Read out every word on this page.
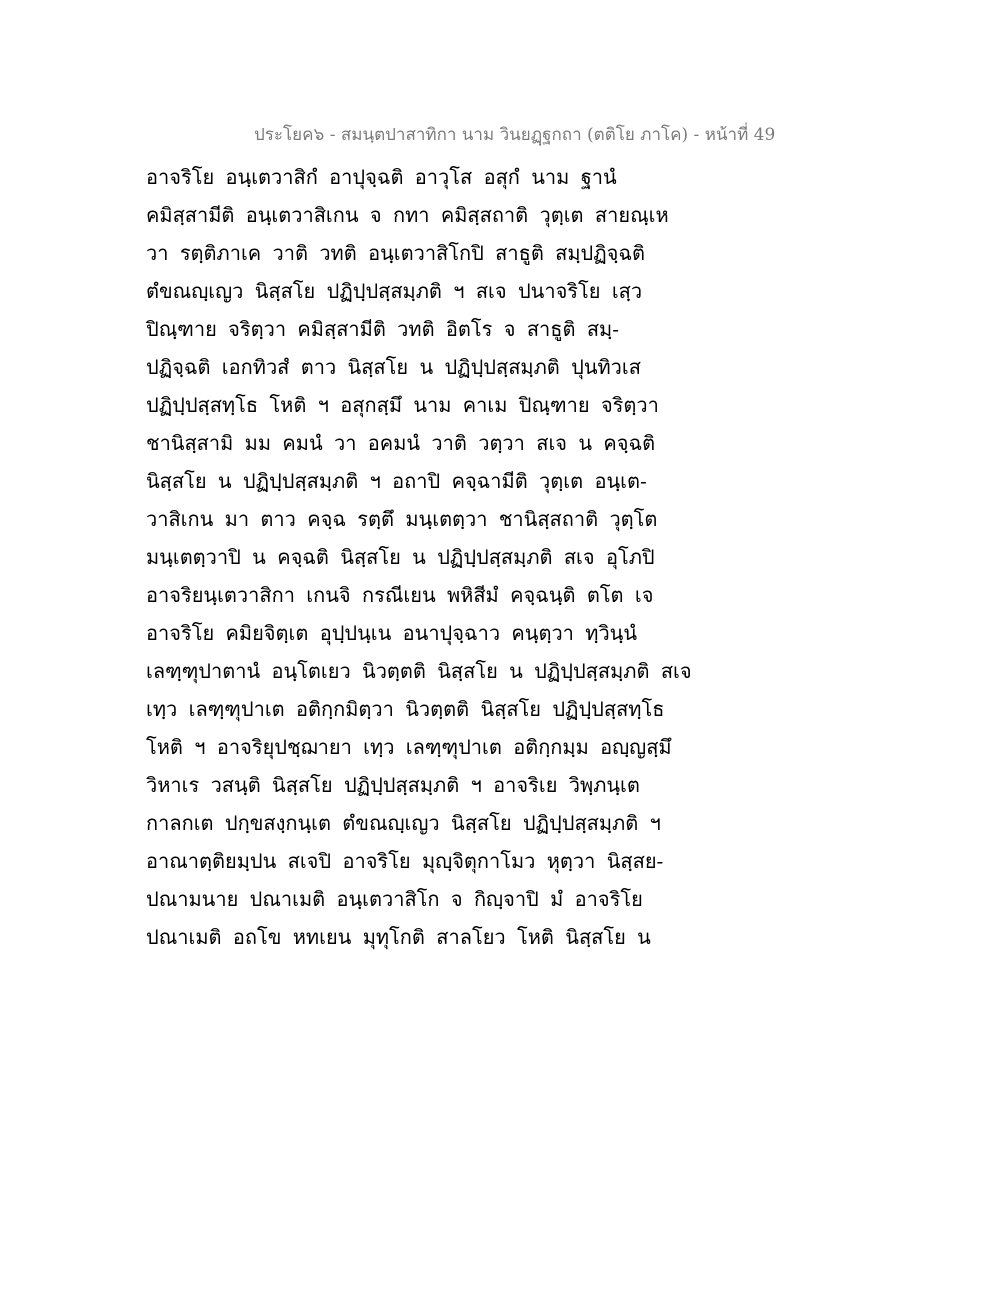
ประโยค๖ - สมนฺตปาสาทิกา นาม วินยฏฺฐกถา (ตติโย ภาโค) - หน้าที่ 49
อาจริโย อนฺเตวาสิกํ อาปุจฺฉติ อาวุโส อสุกํ นาม ฐานํ
คมิสฺสามีติ อนฺเตวาสิเกน จ กทา คมิสฺสถาติ วุตฺเต สายณฺเห
วา รตฺติภาเค วาติ วทติ อนฺเตวาสิโกปิ สาธูติ สมฺปฏิจฺฉติ
ตํขณญฺเญว นิสฺสโย ปฏิปฺปสฺสมฺภติ ฯ สเจ ปนาจริโย เสฺว
ปิณฺฑาย จริตฺวา คมิสฺสามีติ วทติ อิตโร จ สาธูติ สมฺ-
ปฏิจฺฉติ เอกทิวสํ ตาว นิสฺสโย น ปฏิปฺปสฺสมฺภติ ปุนทิวเส
ปฏิปฺปสฺสทฺโธ โหติ ฯ อสุกสฺมึ นาม คาเม ปิณฺฑาย จริตฺวา
ชานิสฺสามิ มม คมนํ วา อคมนํ วาติ วตฺวา สเจ น คจฺฉติ
นิสฺสโย น ปฏิปฺปสฺสมฺภติ ฯ อถาปิ คจฺฉามีติ วุตฺเต อนฺเต-
วาสิเกน มา ตาว คจฺฉ รตฺตึ มนฺเตตฺวา ชานิสฺสถาติ วุตฺโต
มนฺเตตฺวาปิ น คจฺฉติ นิสฺสโย น ปฏิปฺปสฺสมฺภติ สเจ อุโภปิ
อาจริยนฺเตวาสิกา เกนจิ กรณีเยน พหิสีมํ คจฺฉนฺติ ตโต เจ
อาจริโย คมิยจิตฺเต อุปฺปนฺเน อนาปุจฺฉาว คนฺตฺวา ทฺวินฺนํ
เลฑฺฑุปาตานํ อนฺโตเยว นิวตฺตติ นิสฺสโย น ปฏิปฺปสฺสมฺภติ สเจ
เทฺว เลฑฺฑุปาเต อติกฺกมิตฺวา นิวตฺตติ นิสฺสโย ปฏิปฺปสฺสทฺโธ
โหติ ฯ อาจริยุปชฺฌายา เทฺว เลฑฺฑุปาเต อติกฺกมฺม อญฺญสฺมึ
วิหาเร วสนฺติ นิสฺสโย ปฏิปฺปสฺสมฺภติ ฯ อาจริเย วิพฺภนฺเต
กาลกเต ปกฺขสงฺกนฺเต ตํขณญฺเญว นิสฺสโย ปฏิปฺปสฺสมฺภติ ฯ
อาณาตฺติยมฺปน สเจปิ อาจริโย มุญฺจิตุกาโมว หุตฺวา นิสฺสย-
ปณามนาย ปณาเมติ อนฺเตวาสิโก จ กิญฺจาปิ มํ อาจริโย
ปณาเมติ อถโข หทเยน มุทุโกติ สาลโยว โหติ นิสฺสโย น
